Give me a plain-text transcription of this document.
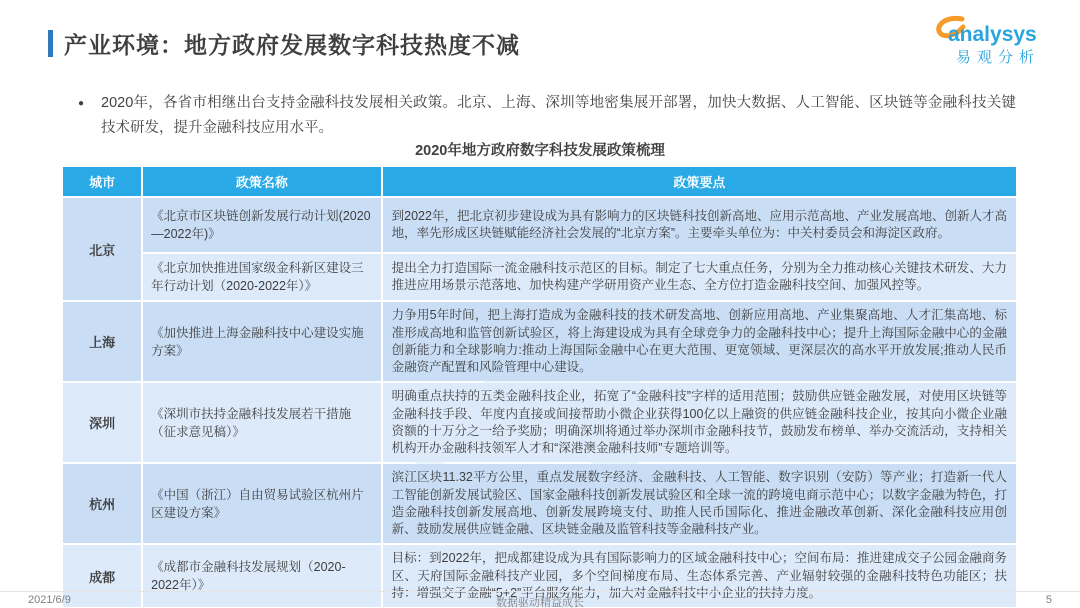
产业环境：地方政府发展数字科技热度不减	analysys
易观分析
● 2020年，各省市相继出台支持金融科技发展相关政策。北京、上海、深圳等地密集展开部署，加快大数据、人工智能、区块链等金融科技关键技术研发，提升金融科技应用水平。
2020年地方政府数字科技发展政策梳理
城市	政策名称	政策要点
北京	《北京市区块链创新发展行动计划(2020—2022年)》	到2022年，把北京初步建设成为具有影响力的区块链科技创新高地、应用示范高地、产业发展高地、创新人才高地，率先形成区块链赋能经济社会发展的“北京方案”。主要牵头单位为：中关村委员会和海淀区政府。
	《北京加快推进国家级金科新区建设三年行动计划（2020-2022年）》	提出全力打造国际一流金融科技示范区的目标。制定了七大重点任务，分别为全力推动核心关键技术研发、大力推进应用场景示范落地、加快构建产学研用资产业生态、全方位打造金融科技空间、加强风控等。
上海	《加快推进上海金融科技中心建设实施方案》	力争用5年时间，把上海打造成为金融科技的技术研发高地、创新应用高地、产业集聚高地、人才汇集高地、标准形成高地和监管创新试验区，将上海建设成为具有全球竞争力的金融科技中心；提升上海国际金融中心的金融创新能力和全球影响力:推动上海国际金融中心在更大范围、更宽领域、更深层次的高水平开放发展;推动人民币金融资产配置和风险管理中心建设。
深圳	《深圳市扶持金融科技发展若干措施（征求意见稿）》	明确重点扶持的五类金融科技企业，拓宽了“金融科技”字样的适用范围；鼓励供应链金融发展，对使用区块链等金融科技手段、年度内直接或间接帮助小微企业获得100亿以上融资的供应链金融科技企业，按其向小微企业融资额的十万分之一给予奖励；明确深圳将通过举办深圳市金融科技节，鼓励发布榜单、举办交流活动，支持相关机构开办金融科技领军人才和“深港澳金融科技师”专题培训等。
杭州	《中国（浙江）自由贸易试验区杭州片区建设方案》	滨江区块11.32平方公里，重点发展数字经济、金融科技、人工智能、数字识别（安防）等产业；打造新一代人工智能创新发展试验区、国家金融科技创新发展试验区和全球一流的跨境电商示范中心；以数字金融为特色，打造金融科技创新发展高地、创新发展跨境支付、助推人民币国际化、推进金融改革创新、深化金融科技应用创新、鼓励发展供应链金融、区块链金融及监管科技等金融科技产业。
成都	《成都市金融科技发展规划（2020-2022年）》	目标：到2022年，把成都建设成为具有国际影响力的区域金融科技中心；空间布局：推进建成交子公园金融商务区、天府国际金融科技产业园，多个空间梯度布局、生态体系完善、产业辐射较强的金融科技特色功能区；扶持：增强交子金融“5+2”平台服务能力，加大对金融科技中小企业的扶持力度。
2021/6/9	数据驱动精益成长	5
